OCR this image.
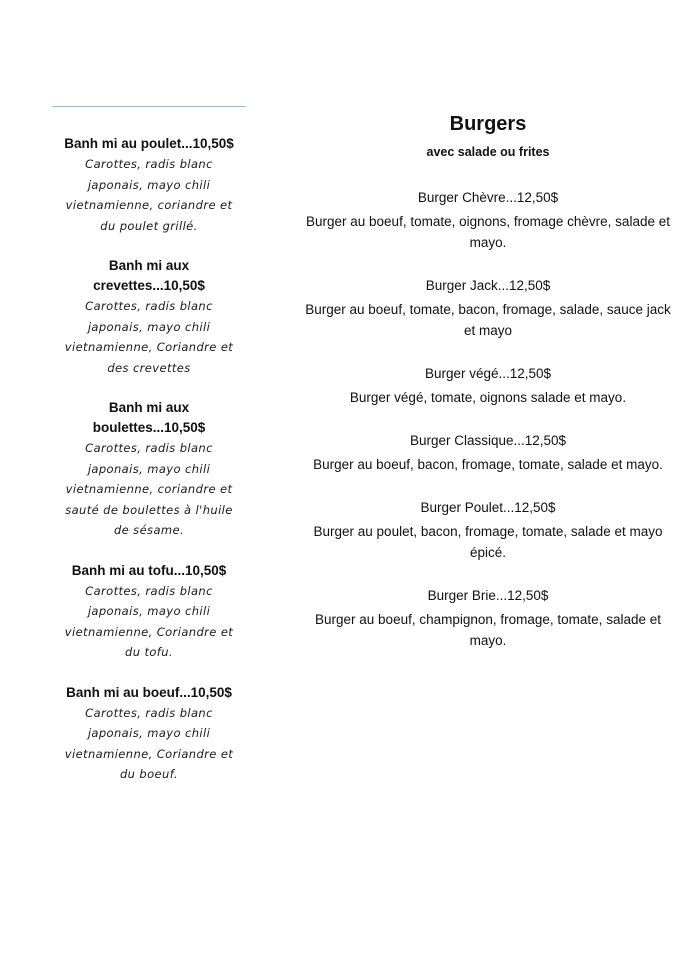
Banh mi au poulet...10,50$
Carottes, radis blanc
japonais, mayo chili
vietnamienne, coriandre et
du poulet grillé.
Banh mi aux
crevettes...10,50$
Carottes, radis blanc
japonais, mayo chili
vietnamienne, Coriandre et
des crevettes
Banh mi aux
boulettes...10,50$
Carottes, radis blanc
japonais, mayo chili
vietnamienne, coriandre et
sauté de boulettes à l'huile
de sésame.
Banh mi au tofu...10,50$
Carottes, radis blanc
japonais, mayo chili
vietnamienne, Coriandre et
du tofu.
Banh mi au boeuf...10,50$
Carottes, radis blanc
japonais, mayo chili
vietnamienne, Coriandre et
du boeuf.
Burgers
avec salade ou frites
Burger Chèvre...12,50$
Burger au boeuf, tomate, oignons, fromage chèvre, salade et
mayo.
Burger Jack...12,50$
Burger au boeuf, tomate, bacon, fromage, salade, sauce jack
et mayo
Burger végé...12,50$
Burger végé, tomate, oignons salade et mayo.
Burger Classique...12,50$
Burger au boeuf, bacon, fromage, tomate, salade et mayo.
Burger Poulet...12,50$
Burger au poulet, bacon, fromage, tomate, salade et mayo
épicé.
Burger Brie...12,50$
Burger au boeuf, champignon, fromage, tomate, salade et
mayo.
